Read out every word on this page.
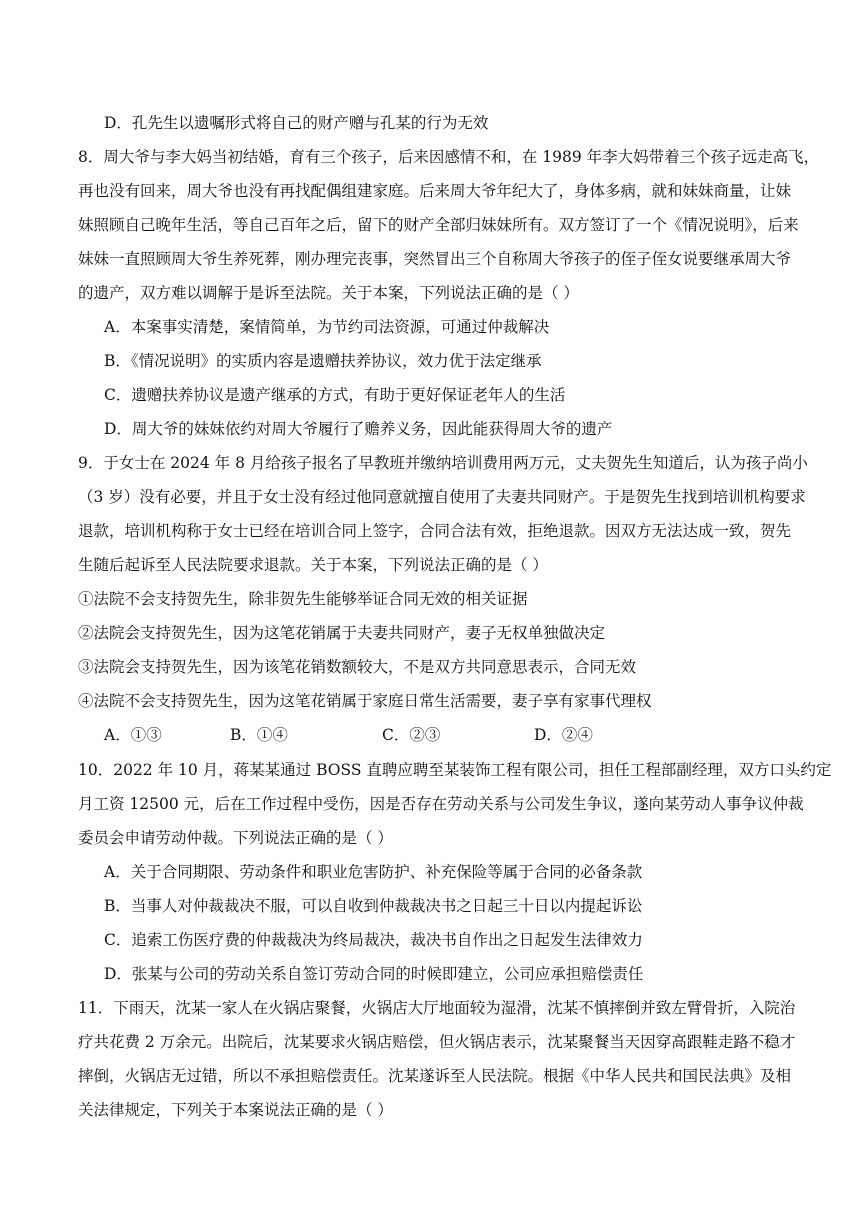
D．孔先生以遗嘱形式将自己的财产赠与孔某的行为无效
8．周大爷与李大妈当初结婚，育有三个孩子，后来因感情不和，在 1989 年李大妈带着三个孩子远走高飞，
再也没有回来，周大爷也没有再找配偶组建家庭。后来周大爷年纪大了，身体多病，就和妹妹商量，让妹
妹照顾自己晚年生活，等自己百年之后，留下的财产全部归妹妹所有。双方签订了一个《情况说明》，后来
妹妹一直照顾周大爷生养死葬，刚办理完丧事，突然冒出三个自称周大爷孩子的侄子侄女说要继承周大爷
的遗产，双方难以调解于是诉至法院。关于本案，下列说法正确的是（ ）
A．本案事实清楚，案情简单，为节约司法资源，可通过仲裁解决
B．《情况说明》的实质内容是遗赠扶养协议，效力优于法定继承
C．遗赠扶养协议是遗产继承的方式，有助于更好保证老年人的生活
D．周大爷的妹妹依约对周大爷履行了赡养义务，因此能获得周大爷的遗产
9．于女士在 2024 年 8 月给孩子报名了早教班并缴纳培训费用两万元，丈夫贺先生知道后，认为孩子尚小
（3 岁）没有必要，并且于女士没有经过他同意就擅自使用了夫妻共同财产。于是贺先生找到培训机构要求
退款，培训机构称于女士已经在培训合同上签字，合同合法有效，拒绝退款。因双方无法达成一致，贺先
生随后起诉至人民法院要求退款。关于本案，下列说法正确的是（ ）
①法院不会支持贺先生，除非贺先生能够举证合同无效的相关证据
②法院会支持贺先生，因为这笔花销属于夫妻共同财产，妻子无权单独做决定
③法院会支持贺先生，因为该笔花销数额较大，不是双方共同意思表示，合同无效
④法院不会支持贺先生，因为这笔花销属于家庭日常生活需要，妻子享有家事代理权
A．①③	B．①④	C．②③	D．②④
10．2022 年 10 月，蒋某某通过 BOSS 直聘应聘至某装饰工程有限公司，担任工程部副经理，双方口头约定
月工资 12500 元，后在工作过程中受伤，因是否存在劳动关系与公司发生争议，遂向某劳动人事争议仲裁
委员会申请劳动仲裁。下列说法正确的是（ ）
A．关于合同期限、劳动条件和职业危害防护、补充保险等属于合同的必备条款
B．当事人对仲裁裁决不服，可以自收到仲裁裁决书之日起三十日以内提起诉讼
C．追索工伤医疗费的仲裁裁决为终局裁决，裁决书自作出之日起发生法律效力
D．张某与公司的劳动关系自签订劳动合同的时候即建立，公司应承担赔偿责任
11．下雨天，沈某一家人在火锅店聚餐，火锅店大厅地面较为湿滑，沈某不慎摔倒并致左臂骨折，入院治
疗共花费 2 万余元。出院后，沈某要求火锅店赔偿，但火锅店表示，沈某聚餐当天因穿高跟鞋走路不稳才
摔倒，火锅店无过错，所以不承担赔偿责任。沈某遂诉至人民法院。根据《中华人民共和国民法典》及相
关法律规定，下列关于本案说法正确的是（ ）
